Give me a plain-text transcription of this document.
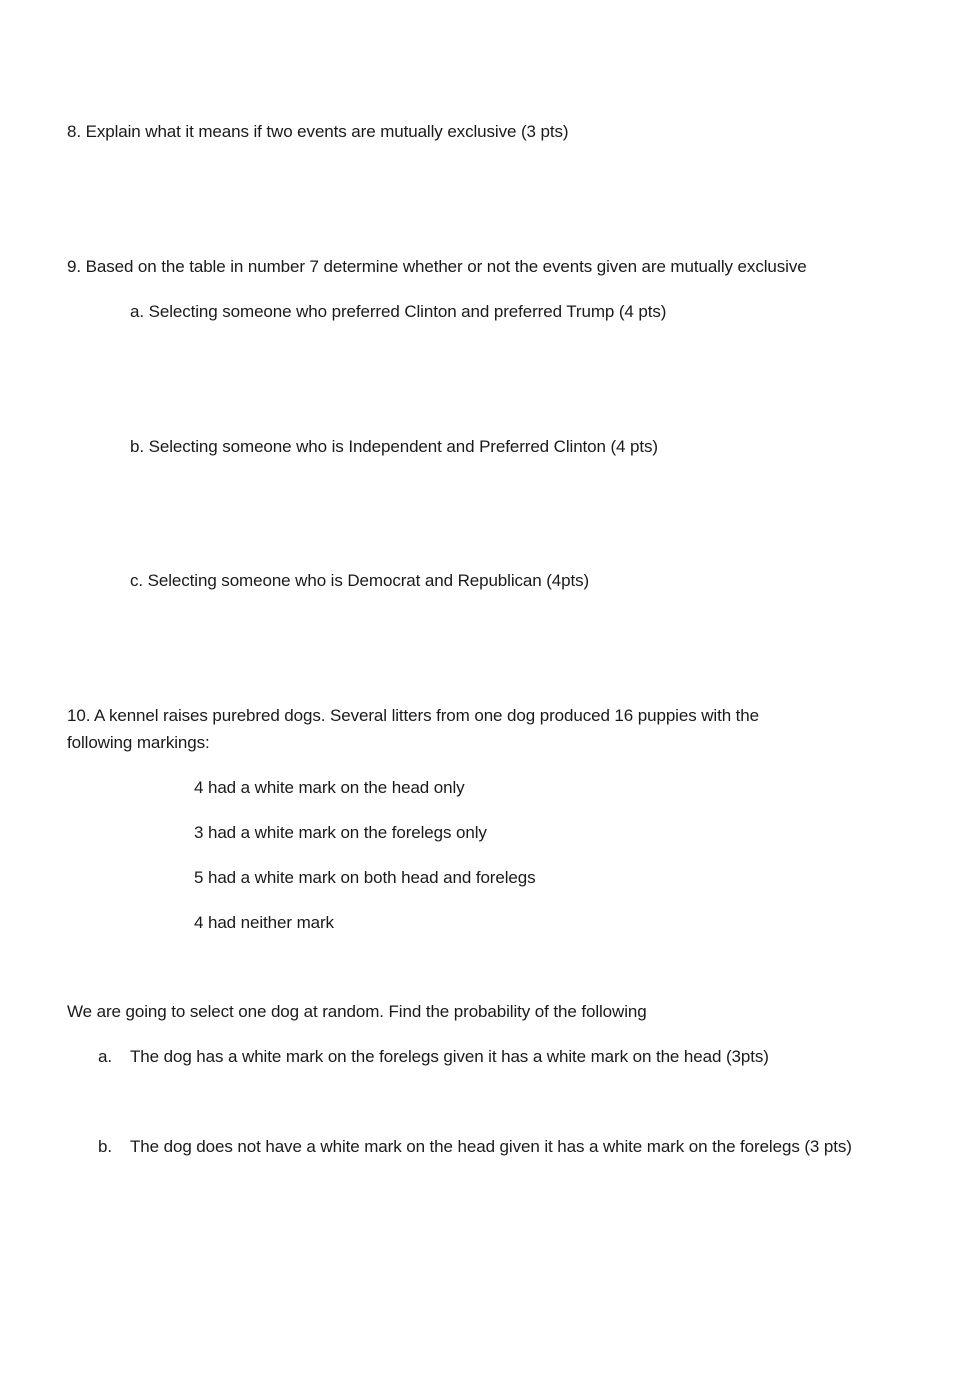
8. Explain what it means if two events are mutually exclusive (3 pts)
9. Based on the table in number 7 determine whether or not the events given are mutually exclusive
a. Selecting someone who preferred Clinton and preferred Trump (4 pts)
b. Selecting someone who is Independent and Preferred Clinton (4 pts)
c. Selecting someone who is Democrat and Republican (4pts)
10. A kennel raises purebred dogs. Several litters from one dog produced 16 puppies with the
following markings:
4 had a white mark on the head only
3 had a white mark on the forelegs only
5 had a white mark on both head and forelegs
4 had neither mark
We are going to select one dog at random. Find the probability of the following
a. The dog has a white mark on the forelegs given it has a white mark on the head (3pts)
b. The dog does not have a white mark on the head given it has a white mark on the forelegs (3 pts)
